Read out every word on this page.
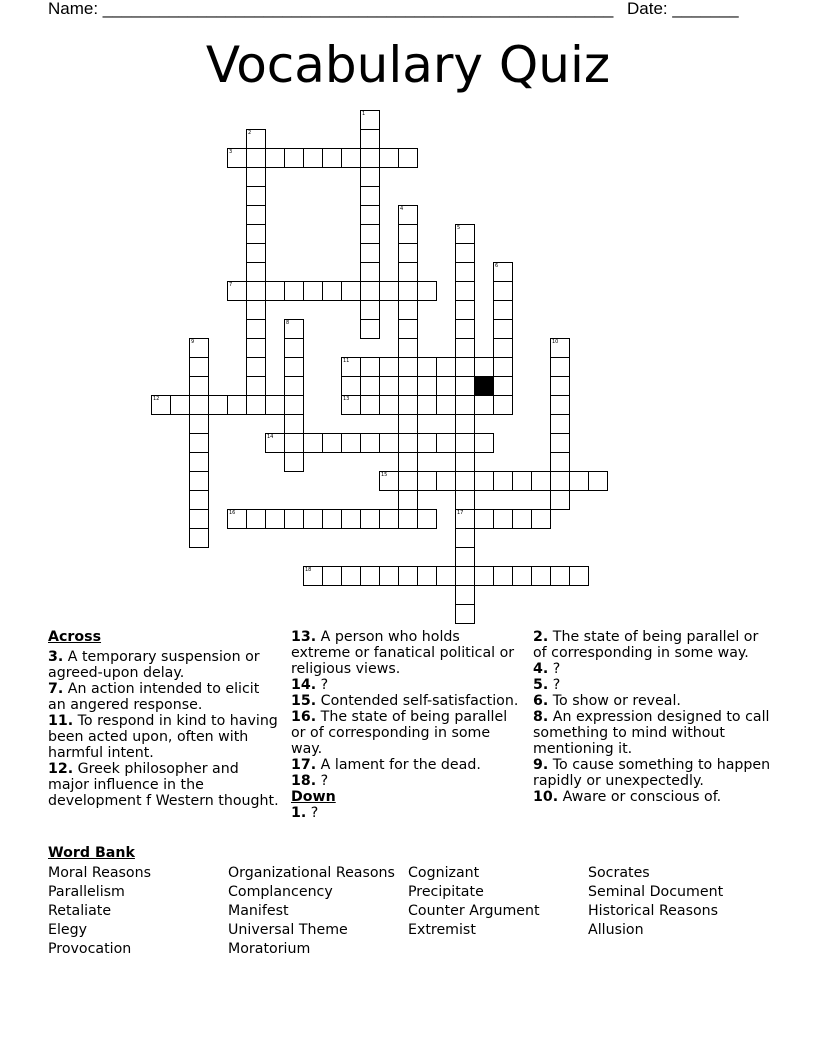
Name: ______________________________________________________ Date: _______
Vocabulary Quiz
1
2
3
4
5
17
6
7
8
9	10
11
12	13
14
15
16
18
Across
3. A temporary suspension or agreed-upon delay.
7. An action intended to elicit an angered response.
11. To respond in kind to having been acted upon, often with harmful intent.
12. Greek philosopher and major influence in the development f Western thought.
13. A person who holds extreme or fanatical political or religious views.
14. ?
15. Contended self-satisfaction.
16. The state of being parallel or of corresponding in some way.
17. A lament for the dead.
18. ?
Down
1. ?
2. The state of being parallel or of corresponding in some way.
4. ?
5. ?
6. To show or reveal.
8. An expression designed to call something to mind without mentioning it.
9. To cause something to happen rapidly or unexpectedly.
10. Aware or conscious of.
Word Bank
Moral Reasons
Parallelism
Retaliate
Elegy
Provocation
Organizational Reasons
Complancency
Manifest
Universal Theme
Moratorium
Cognizant
Precipitate
Counter Argument
Extremist
Socrates
Seminal Document
Historical Reasons
Allusion
